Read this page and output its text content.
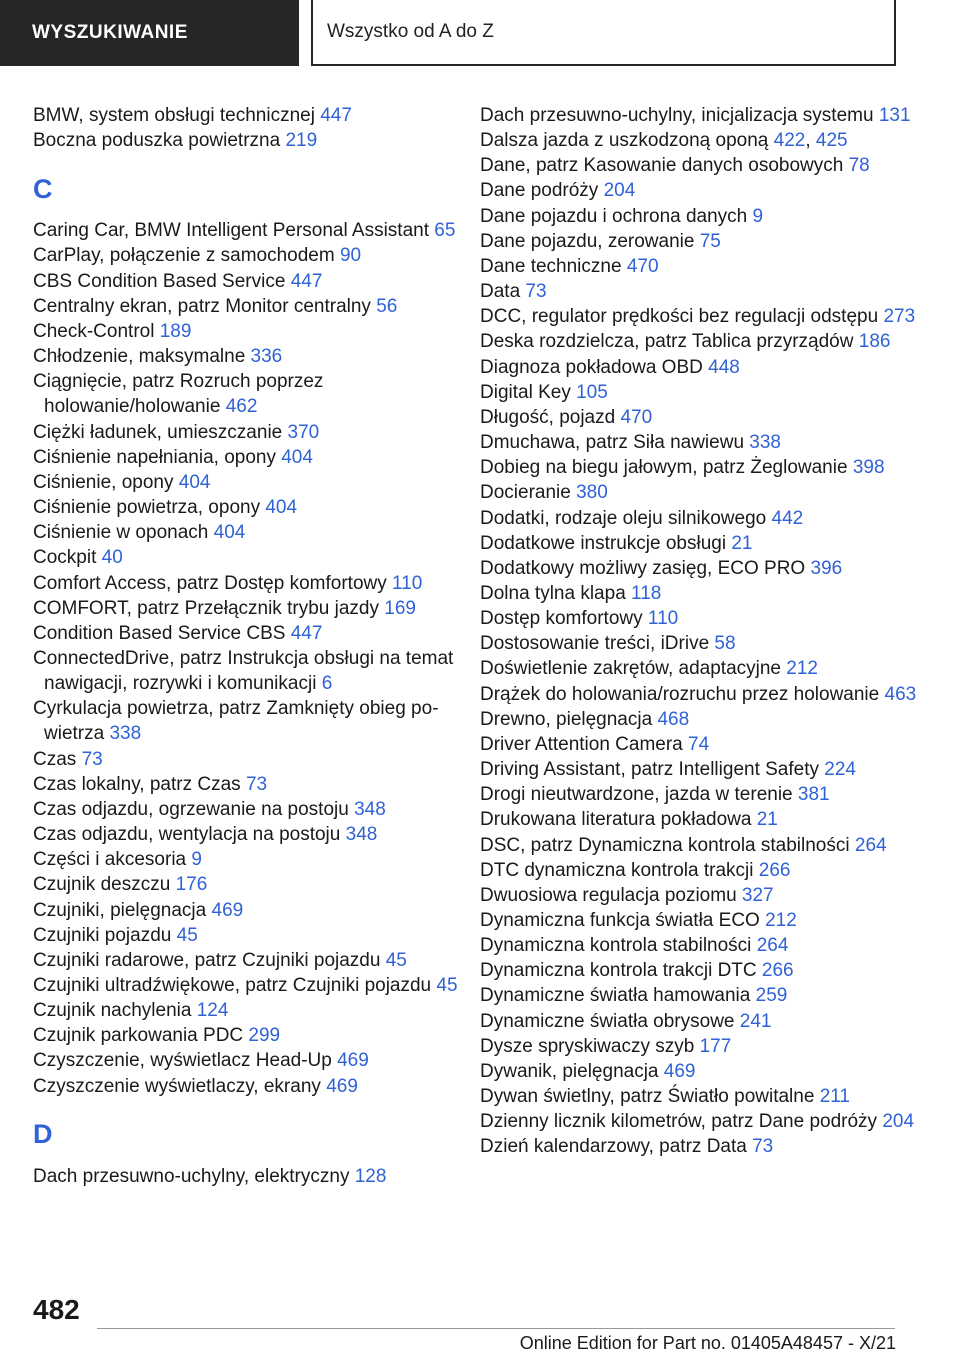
WYSZUKIWANIE	Wszystko od A do Z
BMW, system obsługi technicznej 447
Boczna poduszka powietrzna 219
C
Caring Car, BMW Intelligent Personal Assistant 65
CarPlay, połączenie z samochodem 90
CBS Condition Based Service 447
Centralny ekran, patrz Monitor centralny 56
Check-Control 189
Chłodzenie, maksymalne 336
Ciągnięcie, patrz Rozruch poprzez holowanie/holowanie 462
Ciężki ładunek, umieszczanie 370
Ciśnienie napełniania, opony 404
Ciśnienie, opony 404
Ciśnienie powietrza, opony 404
Ciśnienie w oponach 404
Cockpit 40
Comfort Access, patrz Dostęp komfortowy 110
COMFORT, patrz Przełącznik trybu jazdy 169
Condition Based Service CBS 447
ConnectedDrive, patrz Instrukcja obsługi na temat nawigacji, rozrywki i komunikacji 6
Cyrkulacja powietrza, patrz Zamknięty obieg powietrza 338
Czas 73
Czas lokalny, patrz Czas 73
Czas odjazdu, ogrzewanie na postoju 348
Czas odjazdu, wentylacja na postoju 348
Części i akcesoria 9
Czujnik deszczu 176
Czujniki, pielęgnacja 469
Czujniki pojazdu 45
Czujniki radarowe, patrz Czujniki pojazdu 45
Czujniki ultradźwiękowe, patrz Czujniki pojazdu 45
Czujnik nachylenia 124
Czujnik parkowania PDC 299
Czyszczenie, wyświetlacz Head-Up 469
Czyszczenie wyświetlaczy, ekrany 469
D
Dach przesuwno-uchylny, elektryczny 128
Dach przesuwno-uchylny, inicjalizacja systemu 131
Dalsza jazda z uszkodzoną oponą 422, 425
Dane, patrz Kasowanie danych osobowych 78
Dane podróży 204
Dane pojazdu i ochrona danych 9
Dane pojazdu, zerowanie 75
Dane techniczne 470
Data 73
DCC, regulator prędkości bez regulacji odstępu 273
Deska rozdzielcza, patrz Tablica przyrządów 186
Diagnoza pokładowa OBD 448
Digital Key 105
Długość, pojazd 470
Dmuchawa, patrz Siła nawiewu 338
Dobieg na biegu jałowym, patrz Żeglowanie 398
Docieranie 380
Dodatki, rodzaje oleju silnikowego 442
Dodatkowe instrukcje obsługi 21
Dodatkowy możliwy zasięg, ECO PRO 396
Dolna tylna klapa 118
Dostęp komfortowy 110
Dostosowanie treści, iDrive 58
Doświetlenie zakrętów, adaptacyjne 212
Drążek do holowania/rozruchu przez holowanie 463
Drewno, pielęgnacja 468
Driver Attention Camera 74
Driving Assistant, patrz Intelligent Safety 224
Drogi nieutwardzone, jazda w terenie 381
Drukowana literatura pokładowa 21
DSC, patrz Dynamiczna kontrola stabilności 264
DTC dynamiczna kontrola trakcji 266
Dwuosiowa regulacja poziomu 327
Dynamiczna funkcja światła ECO 212
Dynamiczna kontrola stabilności 264
Dynamiczna kontrola trakcji DTC 266
Dynamiczne światła hamowania 259
Dynamiczne światła obrysowe 241
Dysze spryskiwaczy szyb 177
Dywanik, pielęgnacja 469
Dywan świetlny, patrz Światło powitalne 211
Dzienny licznik kilometrów, patrz Dane podróży 204
Dzień kalendarzowy, patrz Data 73
482
Online Edition for Part no. 01405A48457 - X/21
